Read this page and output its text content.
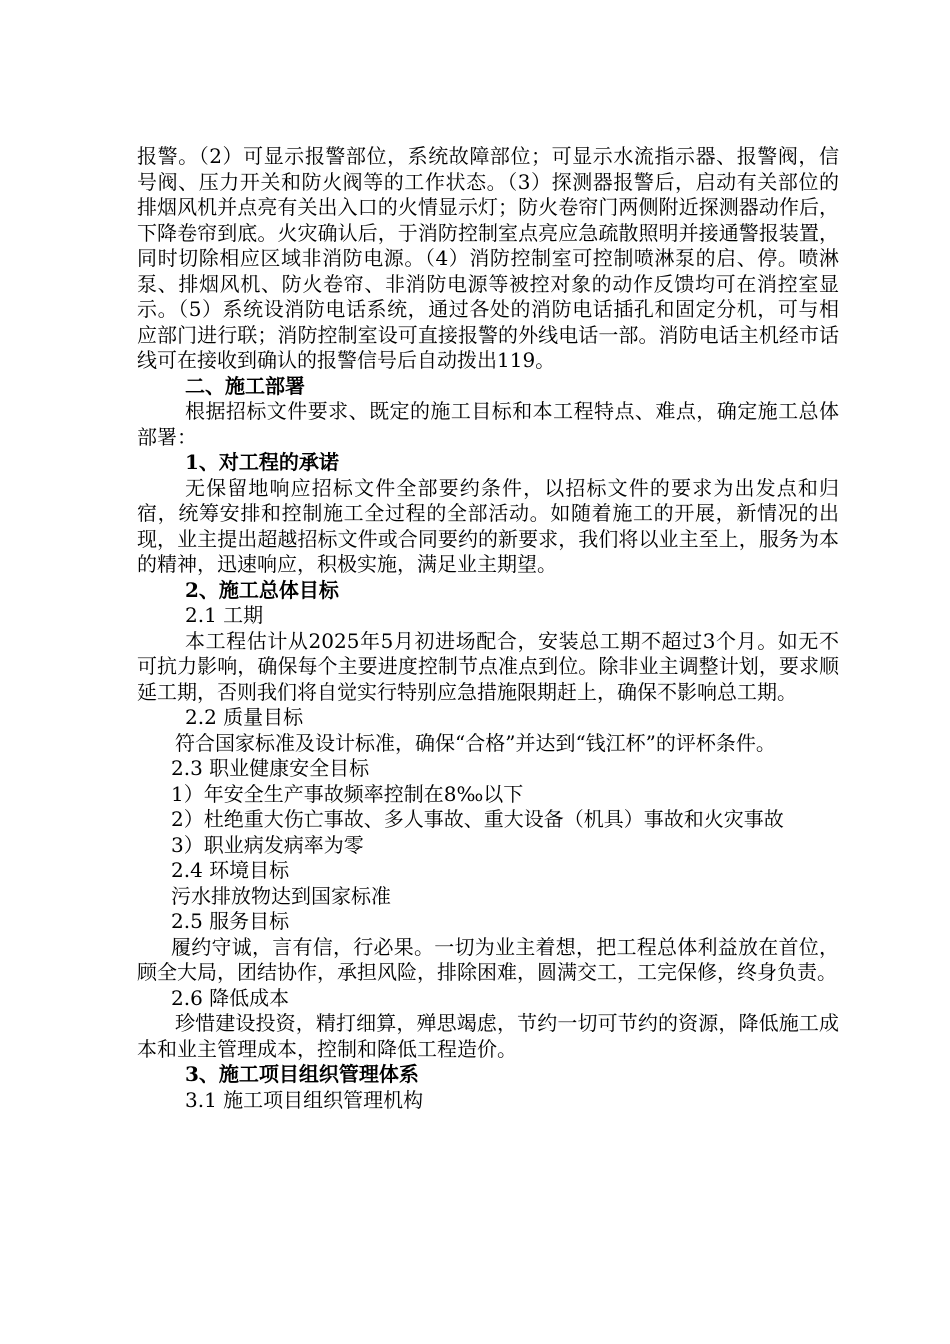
报警。（2）可显示报警部位，系统故障部位；可显示水流指示器、报警阀，信号阀、压力开关和防火阀等的工作状态。（3）探测器报警后，启动有关部位的排烟风机并点亮有关出入口的火情显示灯；防火卷帘门两侧附近探测器动作后，下降卷帘到底。火灾确认后，于消防控制室点亮应急疏散照明并接通警报装置，同时切除相应区域非消防电源。（4）消防控制室可控制喷淋泵的启、停。喷淋泵、排烟风机、防火卷帘、非消防电源等被控对象的动作反馈均可在消控室显示。（5）系统设消防电话系统，通过各处的消防电话插孔和固定分机，可与相应部门进行联；消防控制室设可直接报警的外线电话一部。消防电话主机经市话线可在接收到确认的报警信号后自动拨出119。

二、施工部署

根据招标文件要求、既定的施工目标和本工程特点、难点，确定施工总体部署：

1、对工程的承诺

无保留地响应招标文件全部要约条件，以招标文件的要求为出发点和归宿，统筹安排和控制施工全过程的全部活动。如随着施工的开展，新情况的出现，业主提出超越招标文件或合同要约的新要求，我们将以业主至上，服务为本的精神，迅速响应，积极实施，满足业主期望。

2、施工总体目标

2.1 工期

本工程估计从2025年5月初进场配合，安装总工期不超过3个月。如无不可抗力影响，确保每个主要进度控制节点准点到位。除非业主调整计划，要求顺延工期，否则我们将自觉实行特别应急措施限期赶上，确保不影响总工期。

2.2 质量目标

符合国家标准及设计标准，确保“合格”并达到“钱江杯”的评杯条件。

2.3 职业健康安全目标

1）年安全生产事故频率控制在8‰以下

2）杜绝重大伤亡事故、多人事故、重大设备（机具）事故和火灾事故

3）职业病发病率为零

2.4 环境目标

污水排放物达到国家标准

2.5 服务目标

履约守诚，言有信，行必果。一切为业主着想，把工程总体利益放在首位，顾全大局，团结协作，承担风险，排除困难，圆满交工，工完保修，终身负责。

2.6 降低成本

珍惜建设投资，精打细算，殚思竭虑，节约一切可节约的资源，降低施工成本和业主管理成本，控制和降低工程造价。

3、施工项目组织管理体系

3.1 施工项目组织管理机构
